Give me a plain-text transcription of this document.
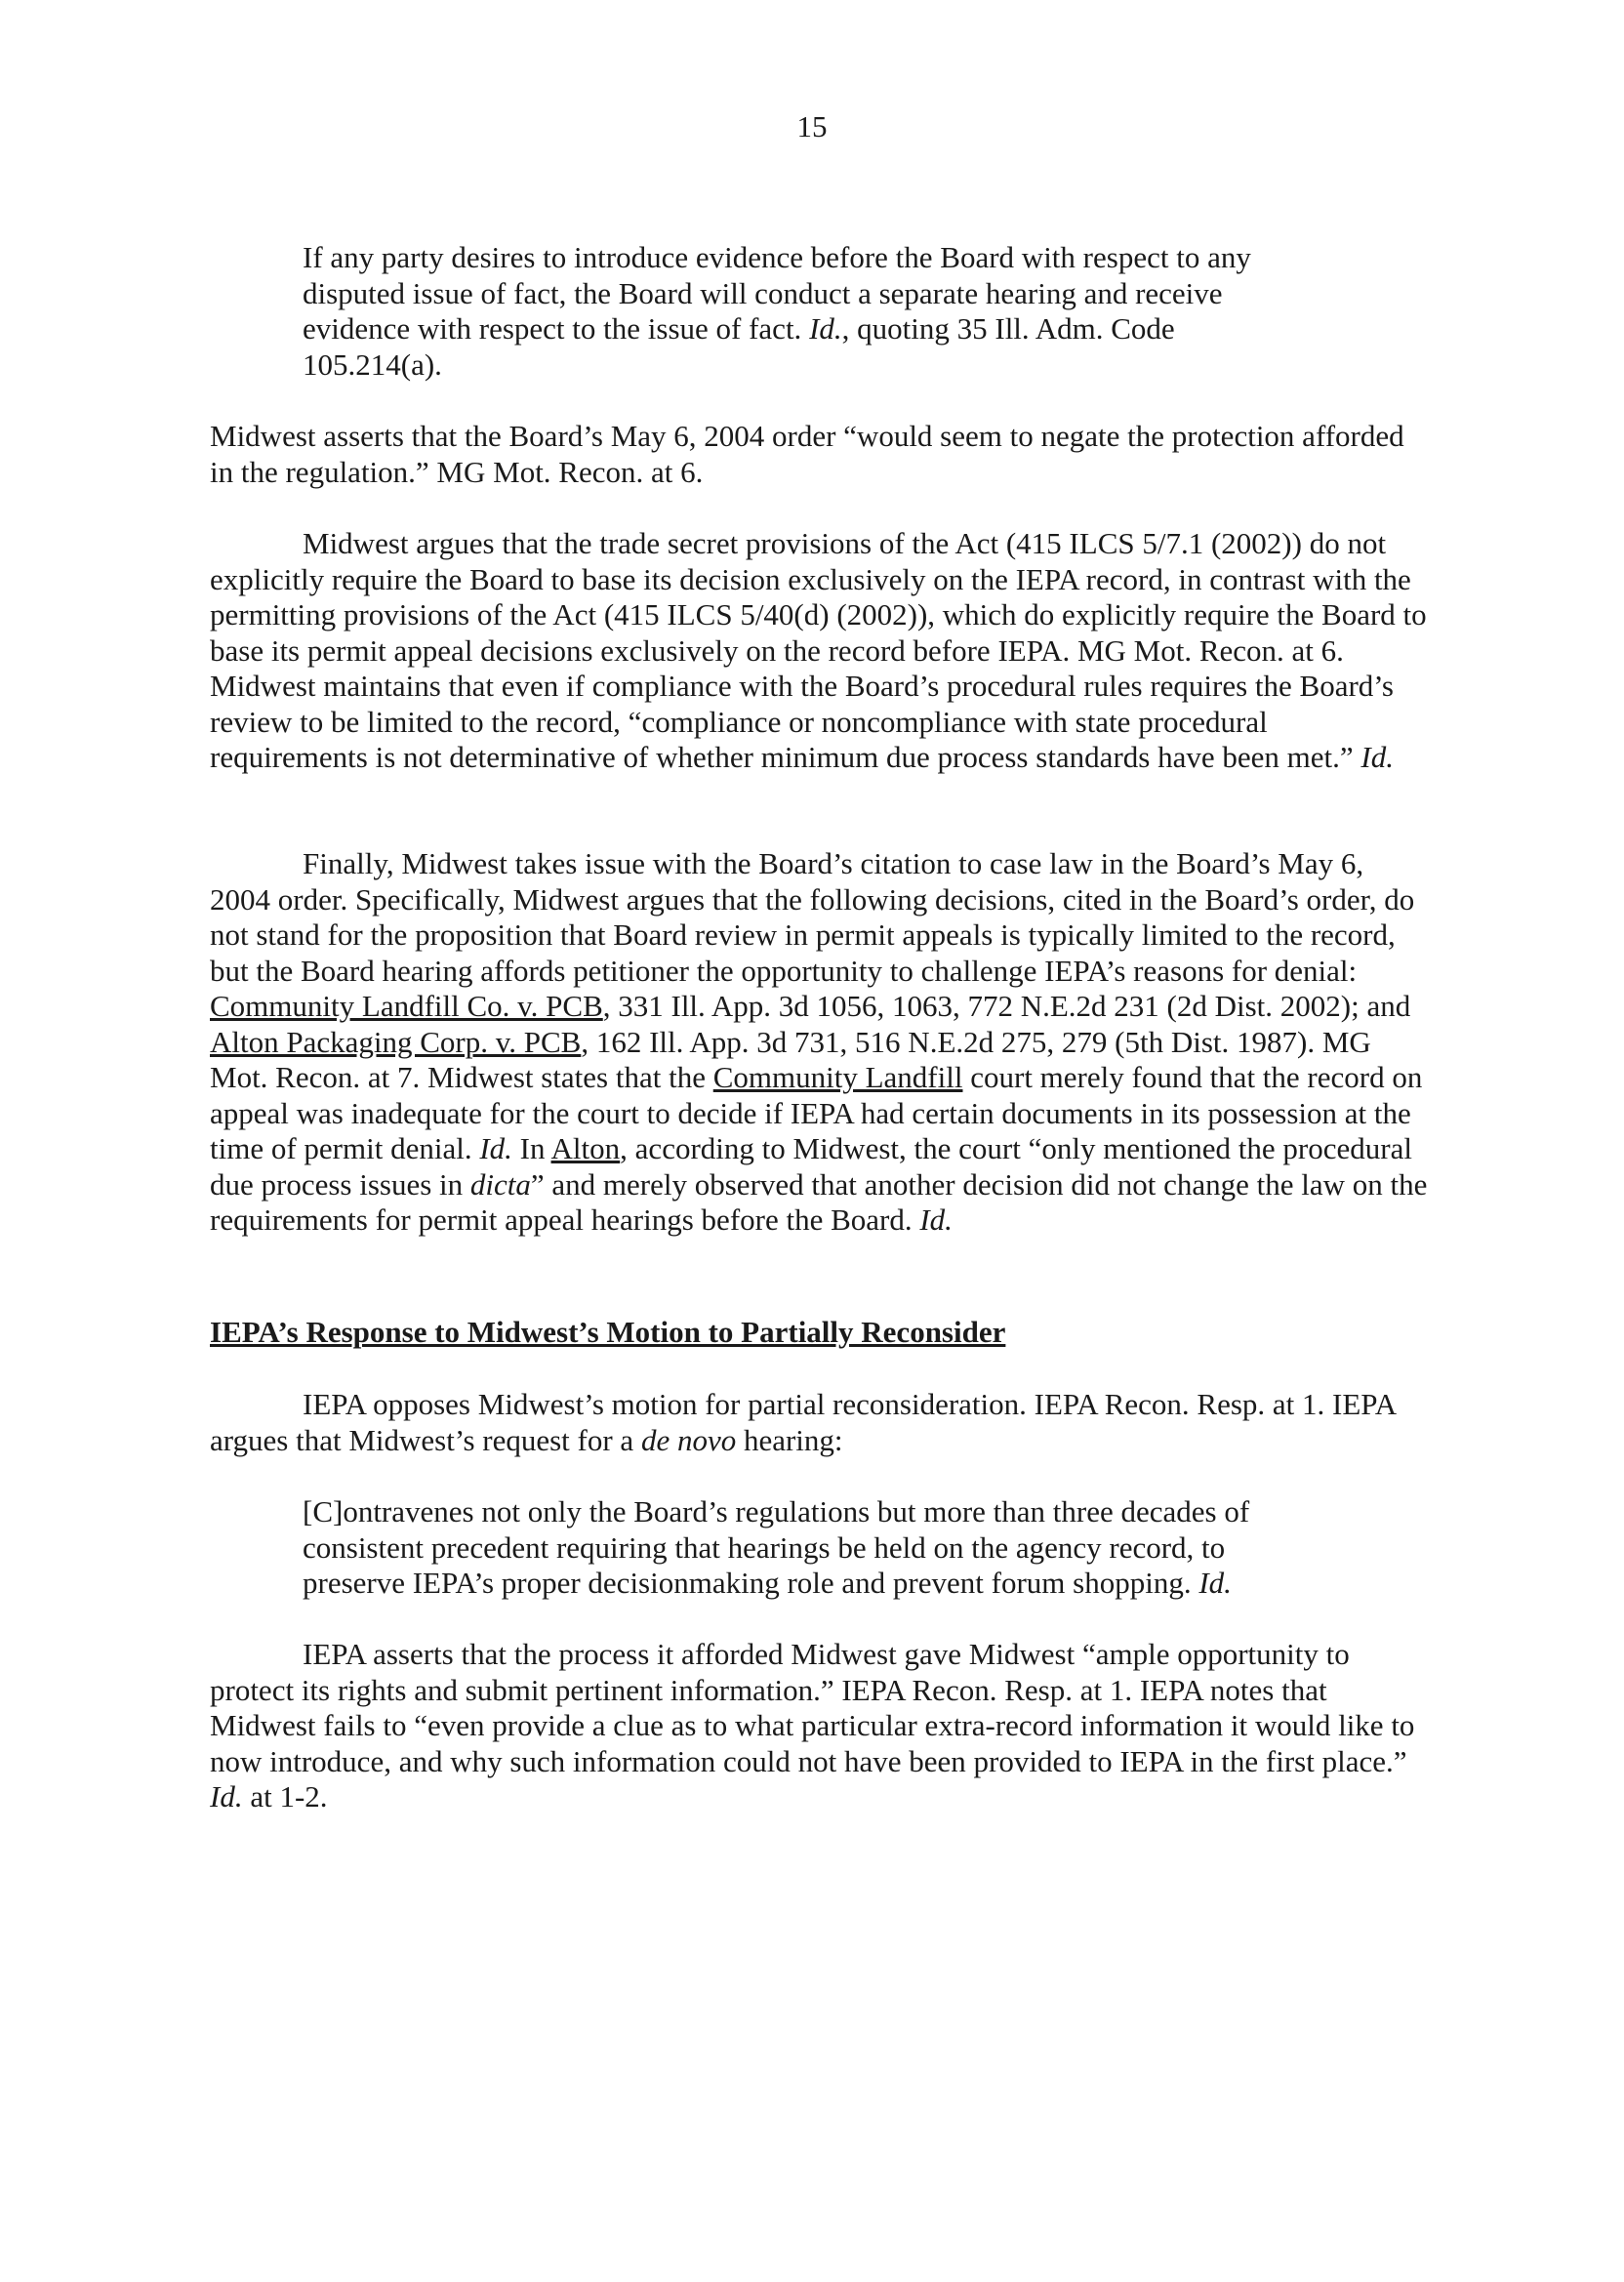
15
If any party desires to introduce evidence before the Board with respect to any disputed issue of fact, the Board will conduct a separate hearing and receive evidence with respect to the issue of fact. Id., quoting 35 Ill. Adm. Code 105.214(a).
Midwest asserts that the Board’s May 6, 2004 order “would seem to negate the protection afforded in the regulation.” MG Mot. Recon. at 6.
Midwest argues that the trade secret provisions of the Act (415 ILCS 5/7.1 (2002)) do not explicitly require the Board to base its decision exclusively on the IEPA record, in contrast with the permitting provisions of the Act (415 ILCS 5/40(d) (2002)), which do explicitly require the Board to base its permit appeal decisions exclusively on the record before IEPA. MG Mot. Recon. at 6. Midwest maintains that even if compliance with the Board’s procedural rules requires the Board’s review to be limited to the record, “compliance or noncompliance with state procedural requirements is not determinative of whether minimum due process standards have been met.” Id.
Finally, Midwest takes issue with the Board’s citation to case law in the Board’s May 6, 2004 order. Specifically, Midwest argues that the following decisions, cited in the Board’s order, do not stand for the proposition that Board review in permit appeals is typically limited to the record, but the Board hearing affords petitioner the opportunity to challenge IEPA’s reasons for denial: Community Landfill Co. v. PCB, 331 Ill. App. 3d 1056, 1063, 772 N.E.2d 231 (2d Dist. 2002); and Alton Packaging Corp. v. PCB, 162 Ill. App. 3d 731, 516 N.E.2d 275, 279 (5th Dist. 1987). MG Mot. Recon. at 7. Midwest states that the Community Landfill court merely found that the record on appeal was inadequate for the court to decide if IEPA had certain documents in its possession at the time of permit denial. Id. In Alton, according to Midwest, the court “only mentioned the procedural due process issues in dicta” and merely observed that another decision did not change the law on the requirements for permit appeal hearings before the Board. Id.
IEPA’s Response to Midwest’s Motion to Partially Reconsider
IEPA opposes Midwest’s motion for partial reconsideration. IEPA Recon. Resp. at 1. IEPA argues that Midwest’s request for a de novo hearing:
[C]ontravenes not only the Board’s regulations but more than three decades of consistent precedent requiring that hearings be held on the agency record, to preserve IEPA’s proper decisionmaking role and prevent forum shopping. Id.
IEPA asserts that the process it afforded Midwest gave Midwest “ample opportunity to protect its rights and submit pertinent information.” IEPA Recon. Resp. at 1. IEPA notes that Midwest fails to “even provide a clue as to what particular extra-record information it would like to now introduce, and why such information could not have been provided to IEPA in the first place.” Id. at 1-2.
